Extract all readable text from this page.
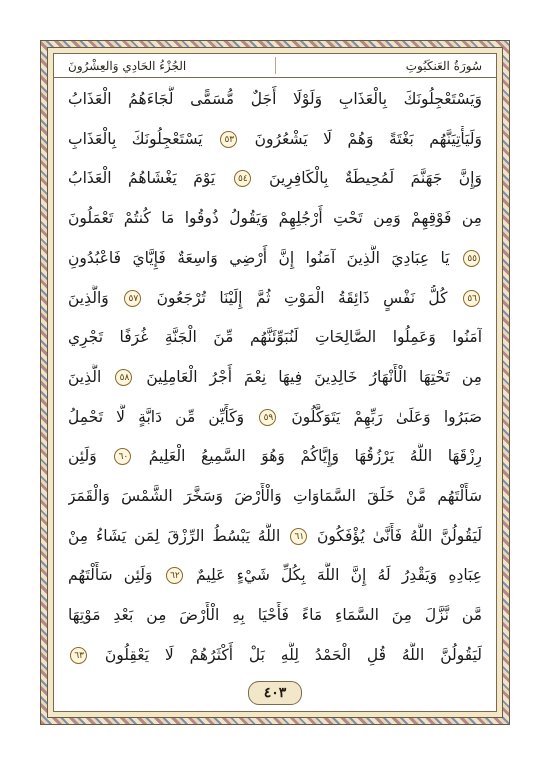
الجُزْءُ الحَادِي وَالعِشْرُونَ	سُورَةُ العَنكَبُوتِ
وَيَسْتَعْجِلُونَكَ بِالْعَذَابِ وَلَوْلَا أَجَلٌ مُّسَمًّى لَّجَاءَهُمُ الْعَذَابُ
وَلَيَأْتِيَنَّهُم بَغْتَةً وَهُمْ لَا يَشْعُرُونَ ٥٣ يَسْتَعْجِلُونَكَ بِالْعَذَابِ
وَإِنَّ جَهَنَّمَ لَمُحِيطَةٌ بِالْكَافِرِينَ ٥٤ يَوْمَ يَغْشَاهُمُ الْعَذَابُ
مِن فَوْقِهِمْ وَمِن تَحْتِ أَرْجُلِهِمْ وَيَقُولُ ذُوقُوا مَا كُنتُمْ تَعْمَلُونَ
٥٥ يَا عِبَادِيَ الَّذِينَ آمَنُوا إِنَّ أَرْضِي وَاسِعَةٌ فَإِيَّايَ فَاعْبُدُونِ
٥٦ كُلُّ نَفْسٍ ذَائِقَةُ الْمَوْتِ ثُمَّ إِلَيْنَا تُرْجَعُونَ ٥٧ وَالَّذِينَ
آمَنُوا وَعَمِلُوا الصَّالِحَاتِ لَنُبَوِّئَنَّهُم مِّنَ الْجَنَّةِ غُرَفًا تَجْرِي
مِن تَحْتِهَا الْأَنْهَارُ خَالِدِينَ فِيهَا نِعْمَ أَجْرُ الْعَامِلِينَ ٥٨ الَّذِينَ
صَبَرُوا وَعَلَىٰ رَبِّهِمْ يَتَوَكَّلُونَ ٥٩ وَكَأَيِّن مِّن دَابَّةٍ لَّا تَحْمِلُ
رِزْقَهَا اللَّهُ يَرْزُقُهَا وَإِيَّاكُمْ وَهُوَ السَّمِيعُ الْعَلِيمُ ٦٠ وَلَئِن
سَأَلْتَهُم مَّنْ خَلَقَ السَّمَاوَاتِ وَالْأَرْضَ وَسَخَّرَ الشَّمْسَ وَالْقَمَرَ
لَيَقُولُنَّ اللَّهُ فَأَنَّىٰ يُؤْفَكُونَ ٦١ اللَّهُ يَبْسُطُ الرِّزْقَ لِمَن يَشَاءُ مِنْ
عِبَادِهِ وَيَقْدِرُ لَهُ إِنَّ اللَّهَ بِكُلِّ شَيْءٍ عَلِيمٌ ٦٢ وَلَئِن سَأَلْتَهُم
مَّن نَّزَّلَ مِنَ السَّمَاءِ مَاءً فَأَحْيَا بِهِ الْأَرْضَ مِن بَعْدِ مَوْتِهَا
لَيَقُولُنَّ اللَّهُ قُلِ الْحَمْدُ لِلَّهِ بَلْ أَكْثَرُهُمْ لَا يَعْقِلُونَ ٦٣
٤٠٣
